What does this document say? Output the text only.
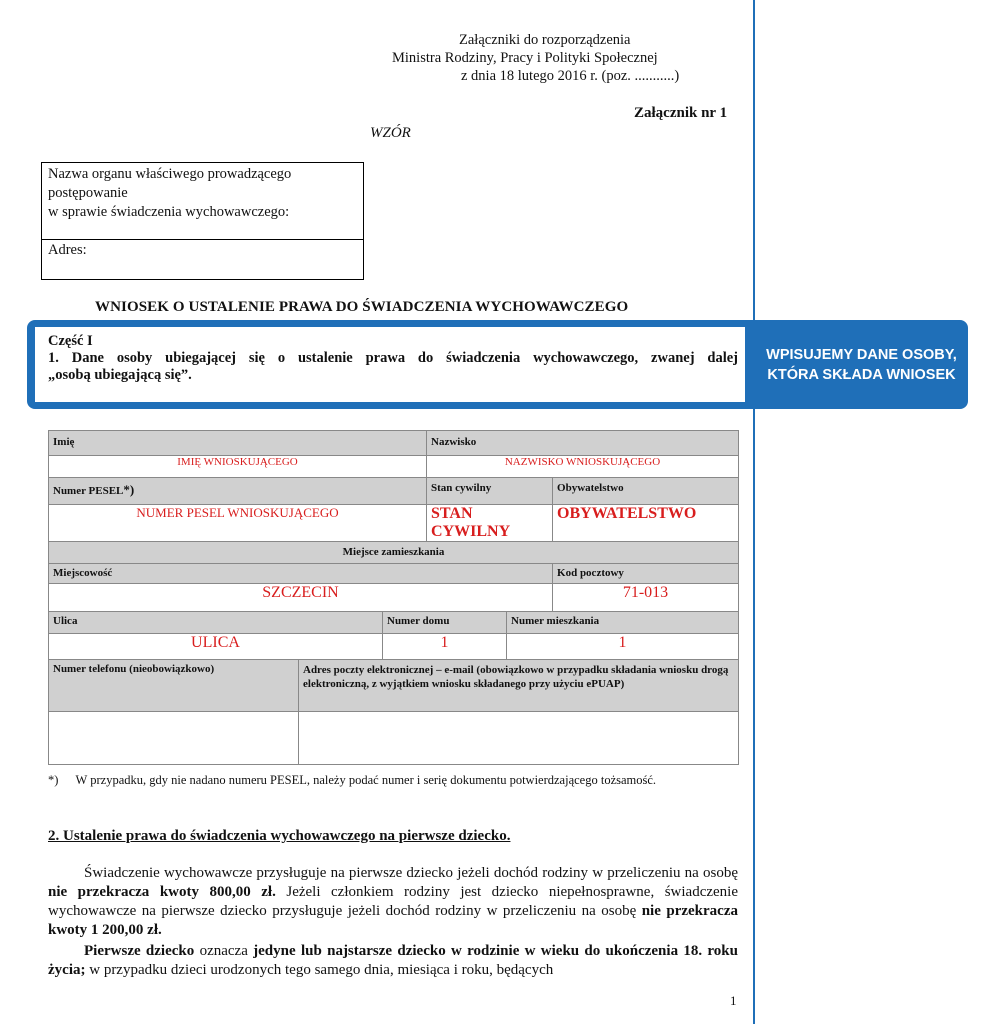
Załączniki do rozporządzenia
Ministra Rodziny, Pracy i Polityki Społecznej
z dnia 18 lutego 2016 r. (poz. ...........)
Załącznik nr 1
WZÓR
Nazwa organu właściwego prowadzącego
postępowanie
w sprawie świadczenia wychowawczego:
Adres:
WNIOSEK O USTALENIE PRAWA DO ŚWIADCZENIA WYCHOWAWCZEGO
Część I
1. Dane osoby ubiegającej się o ustalenie prawa do świadczenia wychowawczego, zwanej dalej
„osobą ubiegającą się”.
WPISUJEMY DANE OSOBY,
KTÓRA SKŁADA WNIOSEK
Imię			Nazwisko		
IMIĘ WNIOSKUJĄCEGO			NAZWISKO WNIOSKUJĄCEGO		
Numer PESEL*)			Stan cywilny		Obywatelstwo
NUMER PESEL WNIOSKUJĄCEGO			STAN CYWILNY		OBYWATELSTWO
Miejsce zamieszkania					
Miejscowość					Kod pocztowy
SZCZECIN					71-013
Ulica		Numer domu		Numer mieszkania	
ULICA		1		1	
Numer telefonu (nieobowiązkowo)	Adres poczty elektronicznej – e-mail (obowiązkowo w przypadku składania wniosku drogą elektroniczną, z wyjątkiem wniosku składanego przy użyciu ePUAP)				

*) W przypadku, gdy nie nadano numeru PESEL, należy podać numer i serię dokumentu potwierdzającego tożsamość.
2. Ustalenie prawa do świadczenia wychowawczego na pierwsze dziecko.
Świadczenie wychowawcze przysługuje na pierwsze dziecko jeżeli dochód rodziny w przeliczeniu na osobę nie przekracza kwoty 800,00 zł. Jeżeli członkiem rodziny jest dziecko niepełnosprawne, świadczenie wychowawcze na pierwsze dziecko przysługuje jeżeli dochód rodziny w przeliczeniu na osobę nie przekracza kwoty 1 200,00 zł.
Pierwsze dziecko oznacza jedyne lub najstarsze dziecko w rodzinie w wieku do ukończenia 18. roku życia; w przypadku dzieci urodzonych tego samego dnia, miesiąca i roku, będących
1
